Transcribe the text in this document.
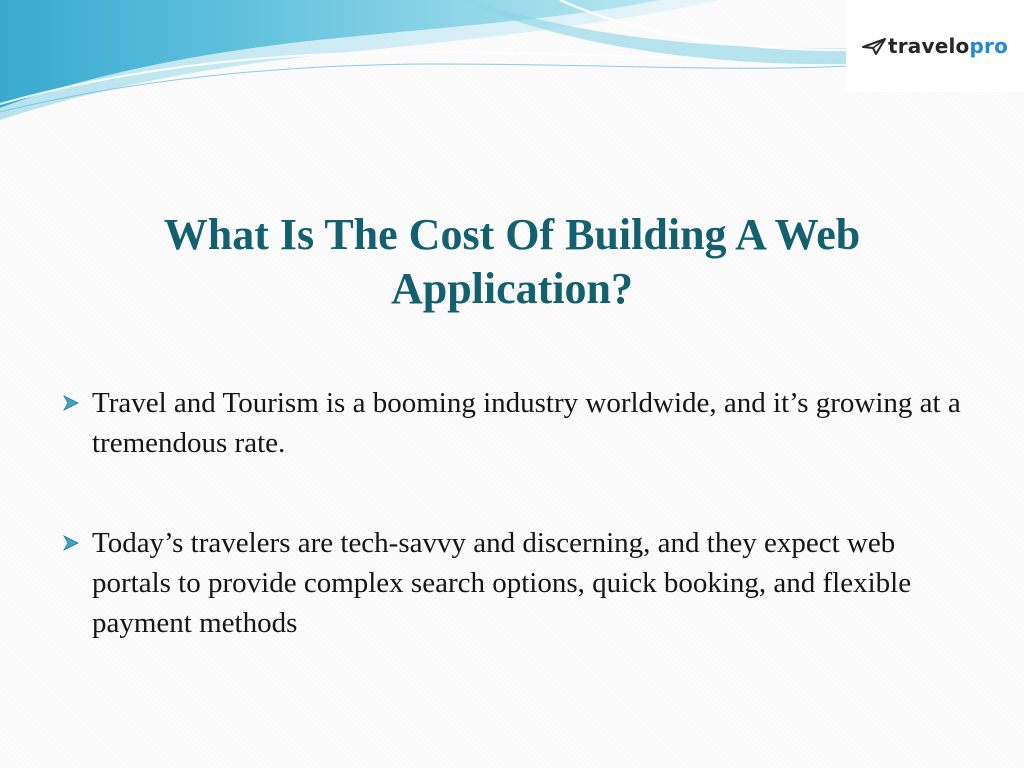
travelopro
What Is The Cost Of Building A Web Application?
Travel and Tourism is a booming industry worldwide, and it’s growing at a tremendous rate.
Today’s travelers are tech-savvy and discerning, and they expect web portals to provide complex search options, quick booking, and flexible payment methods
